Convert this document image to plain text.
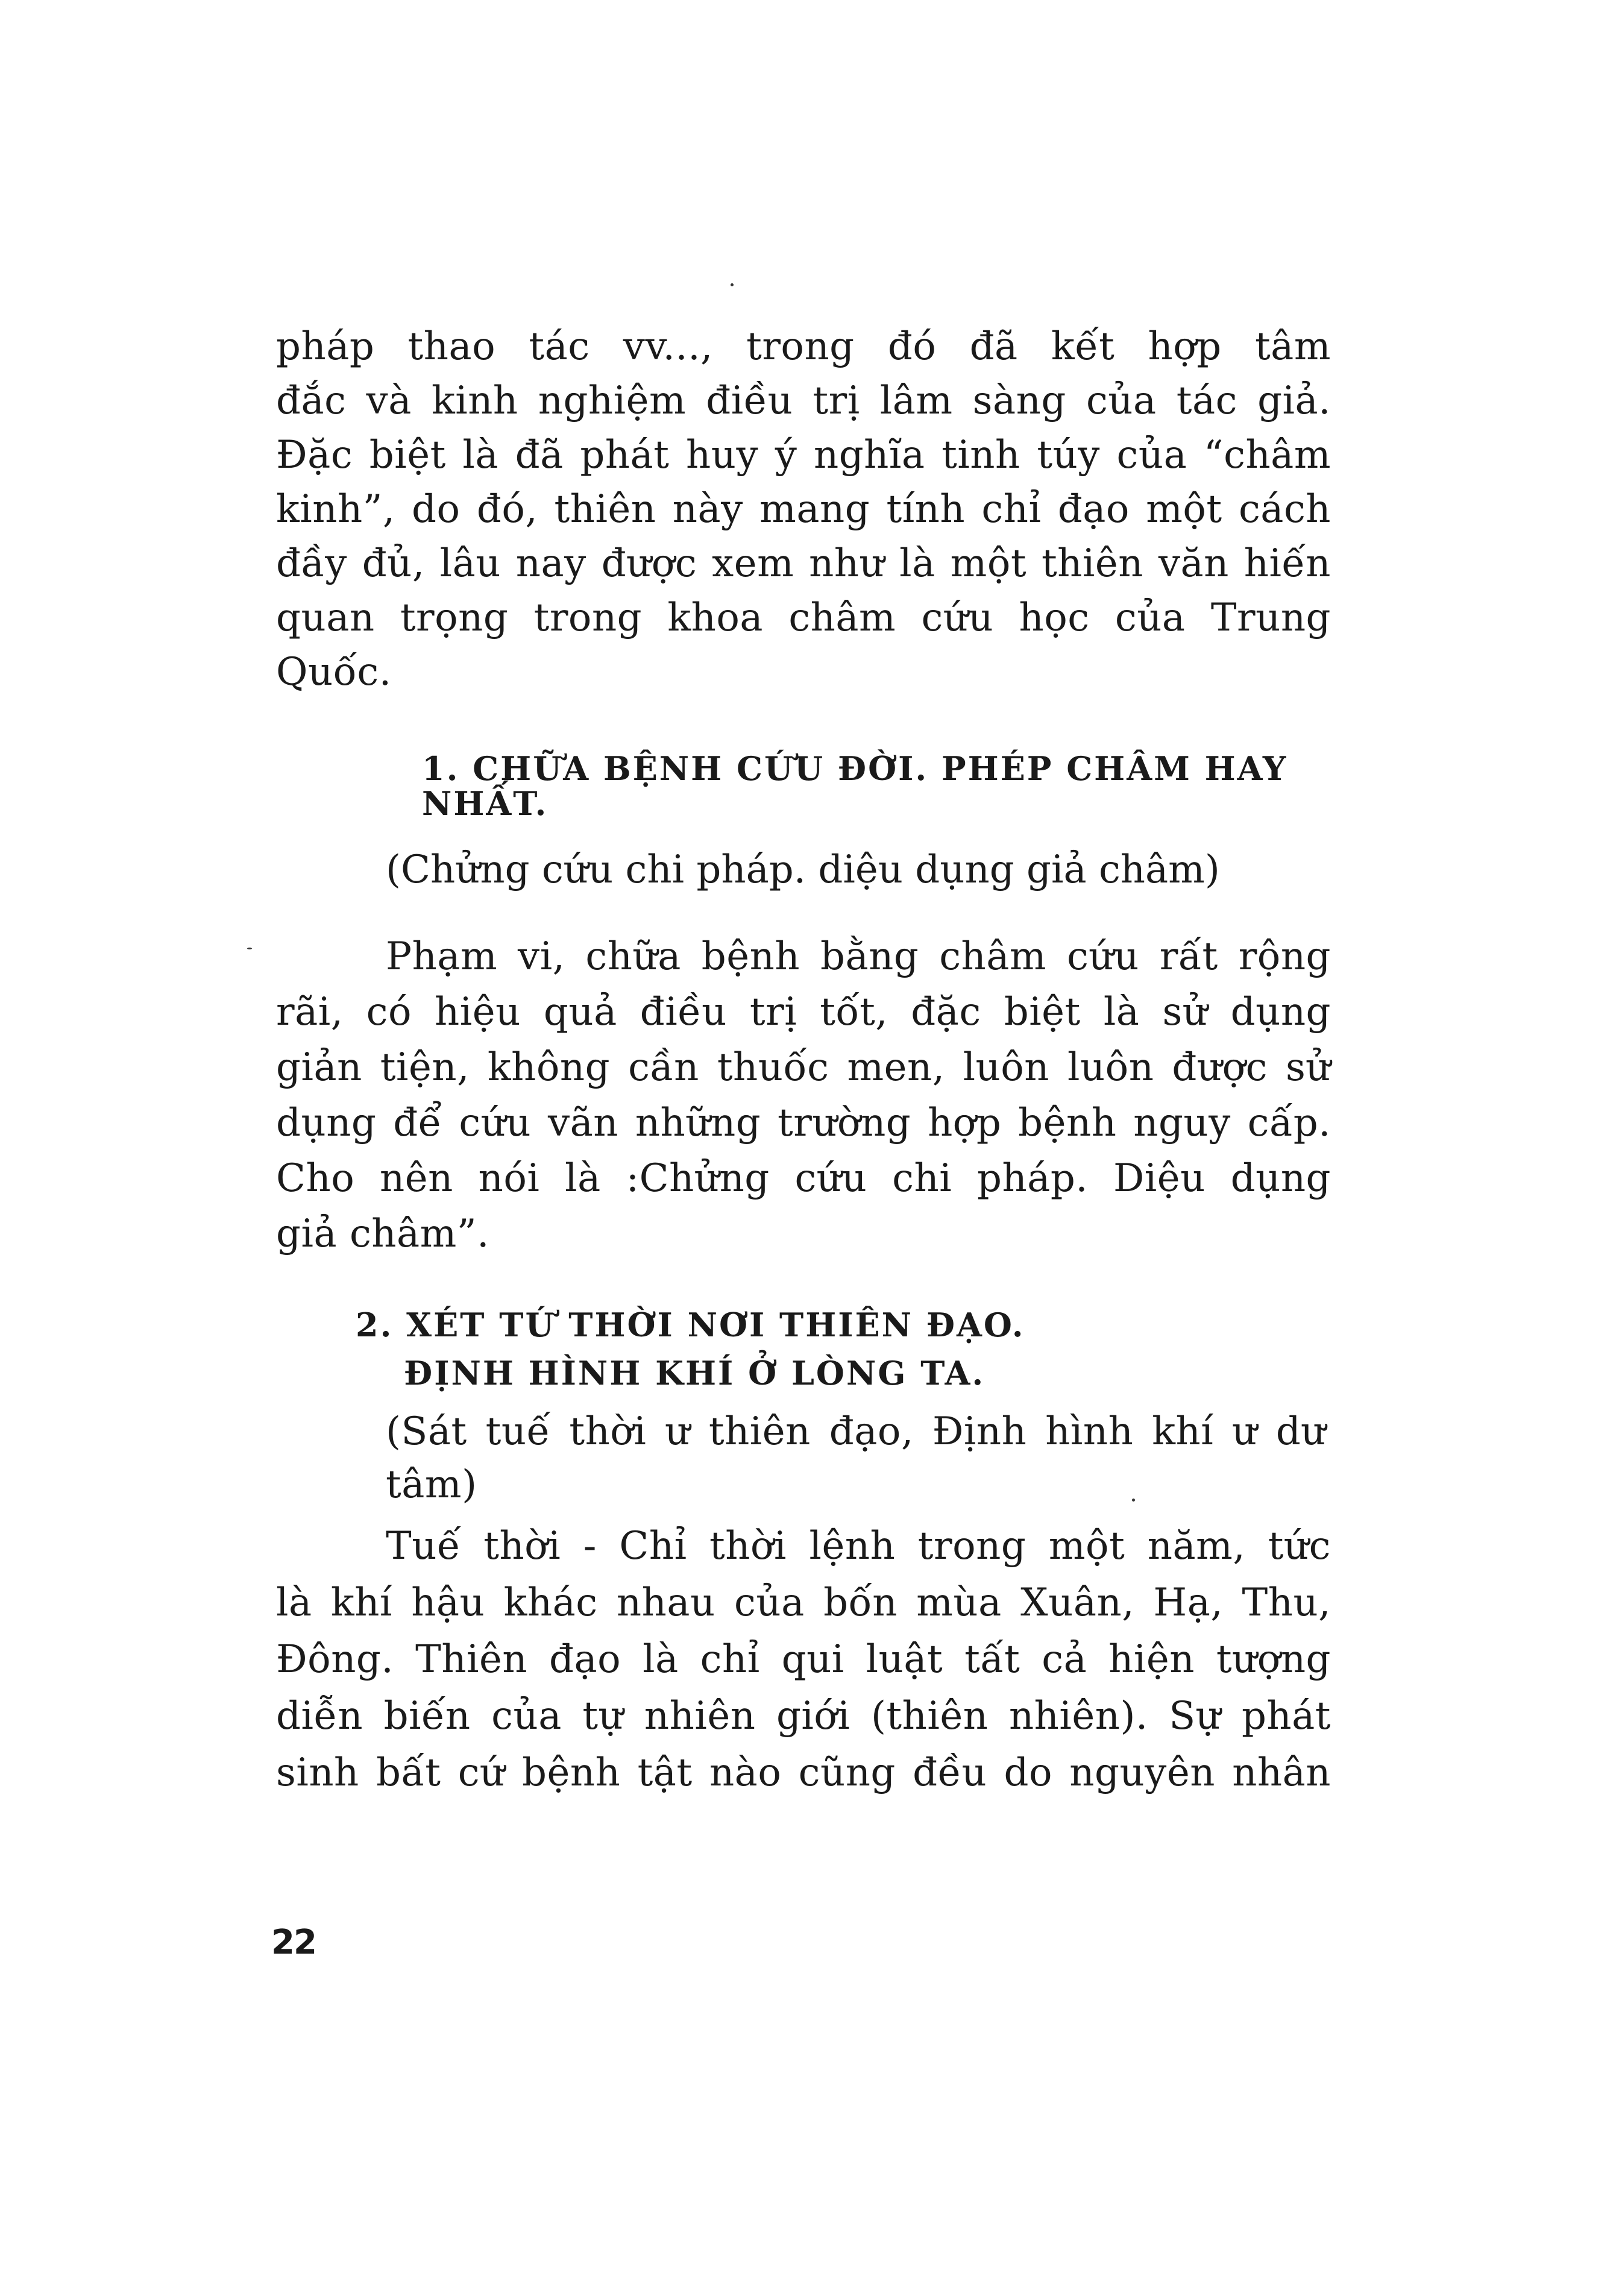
pháp thao tác vv..., trong đó đã kết hợp tâm
đắc và kinh nghiệm điều trị lâm sàng của tác giả.
Đặc biệt là đã phát huy ý nghĩa tinh túy của “châm
kinh”, do đó, thiên này mang tính chỉ đạo một cách
đầy đủ, lâu nay được xem như là một thiên văn hiến
quan trọng trong khoa châm cứu học của Trung
Quốc.
1. CHỮA BỆNH CỨU ĐỜI. PHÉP CHÂM HAY
NHẤT.
(Chửng cứu chi pháp. diệu dụng giả châm)
Phạm vi, chữa bệnh bằng châm cứu rất rộng
rãi, có hiệu quả điều trị tốt, đặc biệt là sử dụng
giản tiện, không cần thuốc men, luôn luôn được sử
dụng để cứu vãn những trường hợp bệnh nguy cấp.
Cho nên nói là :Chửng cứu chi pháp. Diệu dụng
giả châm”.
2. XÉT TỨ THỜI NƠI THIÊN ĐẠO.
ĐỊNH HÌNH KHÍ Ở LÒNG TA.
(Sát tuế thời ư thiên đạo, Định hình khí ư dư
tâm)
Tuế thời - Chỉ thời lệnh trong một năm, tức
là khí hậu khác nhau của bốn mùa Xuân, Hạ, Thu,
Đông. Thiên đạo là chỉ qui luật tất cả hiện tượng
diễn biến của tự nhiên giới (thiên nhiên). Sự phát
sinh bất cứ bệnh tật nào cũng đều do nguyên nhân
22
